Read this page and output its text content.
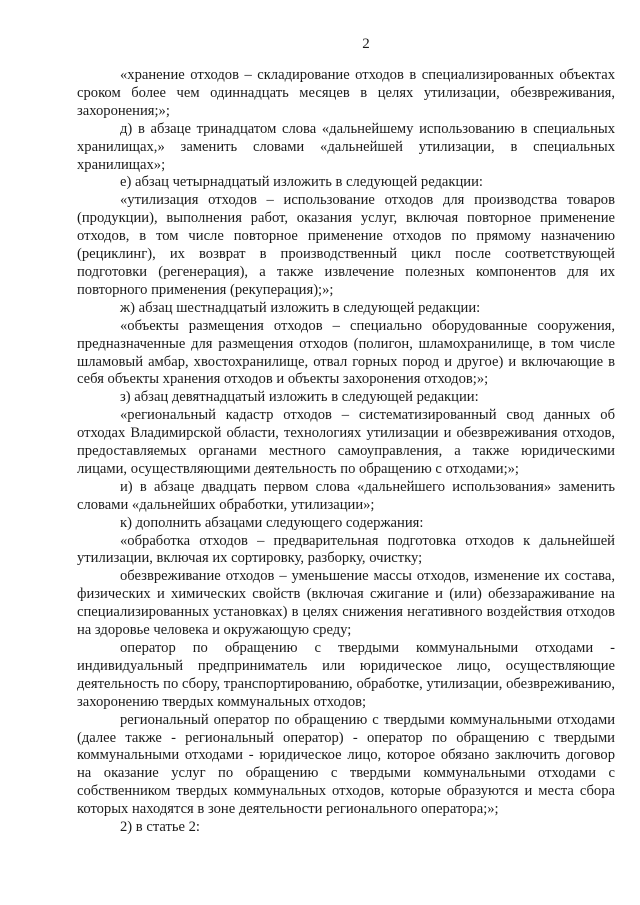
2

«хранение отходов – складирование отходов в специализированных объектах сроком более чем одиннадцать месяцев в целях утилизации, обезвреживания, захоронения;»;

д) в абзаце тринадцатом слова «дальнейшему использованию в специальных хранилищах,» заменить словами «дальнейшей утилизации, в специальных хранилищах»;

е) абзац четырнадцатый изложить в следующей редакции:

«утилизация отходов – использование отходов для производства товаров (продукции), выполнения работ, оказания услуг, включая повторное применение отходов, в том числе повторное применение отходов по прямому назначению (рециклинг), их возврат в производственный цикл после соответствующей подготовки (регенерация), а также извлечение полезных компонентов для их повторного применения (рекуперация);»;

ж) абзац шестнадцатый изложить в следующей редакции:

«объекты размещения отходов – специально оборудованные сооружения, предназначенные для размещения отходов (полигон, шламохранилище, в том числе шламовый амбар, хвостохранилище, отвал горных пород и другое) и включающие в себя объекты хранения отходов и объекты захоронения отходов;»;

з) абзац девятнадцатый изложить в следующей редакции:

«региональный кадастр отходов – систематизированный свод данных об отходах Владимирской области, технологиях утилизации и обезвреживания отходов, предоставляемых органами местного самоуправления, а также юридическими лицами, осуществляющими деятельность по обращению с отходами;»;

и) в абзаце двадцать первом слова «дальнейшего использования» заменить словами «дальнейших обработки, утилизации»;

к) дополнить абзацами следующего содержания:

«обработка отходов – предварительная подготовка отходов к дальнейшей утилизации, включая их сортировку, разборку, очистку;

обезвреживание отходов – уменьшение массы отходов, изменение их состава, физических и химических свойств (включая сжигание и (или) обеззараживание на специализированных установках) в целях снижения негативного воздействия отходов на здоровье человека и окружающую среду;

оператор по обращению с твердыми коммунальными отходами - индивидуальный предприниматель или юридическое лицо, осуществляющие деятельность по сбору, транспортированию, обработке, утилизации, обезвреживанию, захоронению твердых коммунальных отходов;

региональный оператор по обращению с твердыми коммунальными отходами (далее также - региональный оператор) - оператор по обращению с твердыми коммунальными отходами - юридическое лицо, которое обязано заключить договор на оказание услуг по обращению с твердыми коммунальными отходами с собственником твердых коммунальных отходов, которые образуются и места сбора которых находятся в зоне деятельности регионального оператора;»;

2) в статье 2:
